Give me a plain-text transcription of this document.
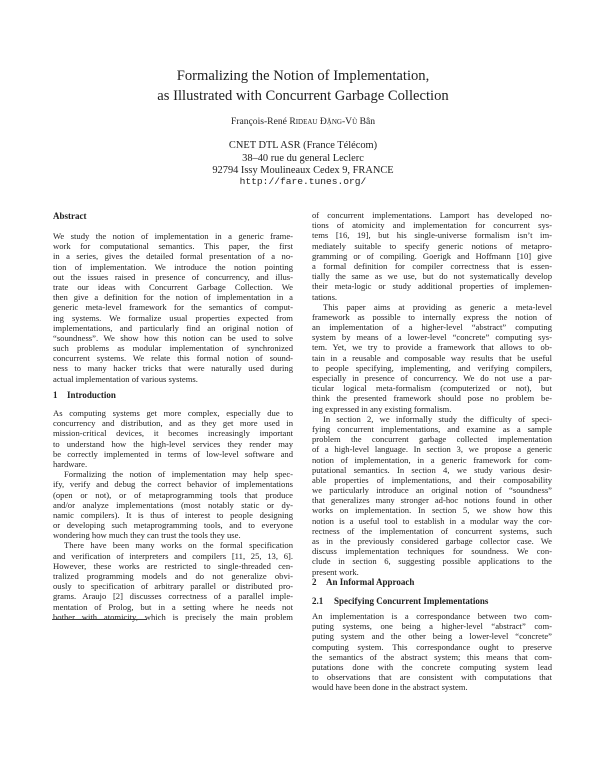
Formalizing the Notion of Implementation,
as Illustrated with Concurrent Garbage Collection
François-René Rideau Đặng-Vũ Bân
CNET DTL ASR (France Télécom)
38–40 rue du general Leclerc
92794 Issy Moulineaux Cedex 9, FRANCE
http://fare.tunes.org/
Abstract
We study the notion of implementation in a generic frame-
work for computational semantics. This paper, the first
in a series, gives the detailed formal presentation of a no-
tion of implementation. We introduce the notion pointing
out the issues raised in presence of concurrency, and illus-
trate our ideas with Concurrent Garbage Collection. We
then give a definition for the notion of implementation in a
generic meta-level framework for the semantics of comput-
ing systems. We formalize usual properties expected from
implementations, and particularly find an original notion of
“soundness”. We show how this notion can be used to solve
such problems as modular implementation of synchronized
concurrent systems. We relate this formal notion of sound-
ness to many hacker tricks that were naturally used during
actual implementation of various systems.
1 Introduction
As computing systems get more complex, especially due to
concurrency and distribution, and as they get more used in
mission-critical devices, it becomes increasingly important
to understand how the high-level services they render may
be correctly implemented in terms of low-level software and
hardware.
Formalizing the notion of implementation may help spec-
ify, verify and debug the correct behavior of implementations
(open or not), or of metaprogramming tools that produce
and/or analyze implementations (most notably static or dy-
namic compilers). It is thus of interest to people designing
or developing such metaprogramming tools, and to everyone
wondering how much they can trust the tools they use.
There have been many works on the formal specification
and verification of interpreters and compilers [11, 25, 13, 6].
However, these works are restricted to single-threaded cen-
tralized programming models and do not generalize obvi-
ously to specification of arbitrary parallel or distributed pro-
grams. Araujo [2] discusses correctness of a parallel imple-
mentation of Prolog, but in a setting where he needs not
bother with atomicity, which is precisely the main problem
of concurrent implementations. Lamport has developed no-
tions of atomicity and implementation for concurrent sys-
tems [16, 19], but his single-universe formalism isn’t im-
mediately suitable to specify generic notions of metapro-
gramming or of compiling. Goerigk and Hoffmann [10] give
a formal definition for compiler correctness that is essen-
tially the same as we use, but do not systematically develop
their meta-logic or study additional properties of implemen-
tations.
This paper aims at providing as generic a meta-level
framework as possible to internally express the notion of
an implementation of a higher-level “abstract” computing
system by means of a lower-level “concrete” computing sys-
tem. Yet, we try to provide a framework that allows to ob-
tain in a reusable and composable way results that be useful
to people specifying, implementing, and verifying compilers,
especially in presence of concurrency. We do not use a par-
ticular logical meta-formalism (computerized or not), but
think the presented framework should pose no problem be-
ing expressed in any existing formalism.
In section 2, we informally study the difficulty of speci-
fying concurrent implementations, and examine as a sample
problem the concurrent garbage collected implementation
of a high-level language. In section 3, we propose a generic
notion of implementation, in a generic framework for com-
putational semantics. In section 4, we study various desir-
able properties of implementations, and their composability
we particularly introduce an original notion of “soundness”
that generalizes many stronger ad-hoc notions found in other
works on implementation. In section 5, we show how this
notion is a useful tool to establish in a modular way the cor-
rectness of the implementation of concurrent systems, such
as in the previously considered garbage collector case. We
discuss implementation techniques for soundness. We con-
clude in section 6, suggesting possible applications to the
present work.
2 An Informal Approach
2.1 Specifying Concurrent Implementations
An implementation is a correspondance between two com-
puting systems, one being a higher-level “abstract” com-
puting system and the other being a lower-level “concrete”
computing system. This correspondance ought to preserve
the semantics of the abstract system; this means that com-
putations done with the concrete computing system lead
to observations that are consistent with computations that
would have been done in the abstract system.
